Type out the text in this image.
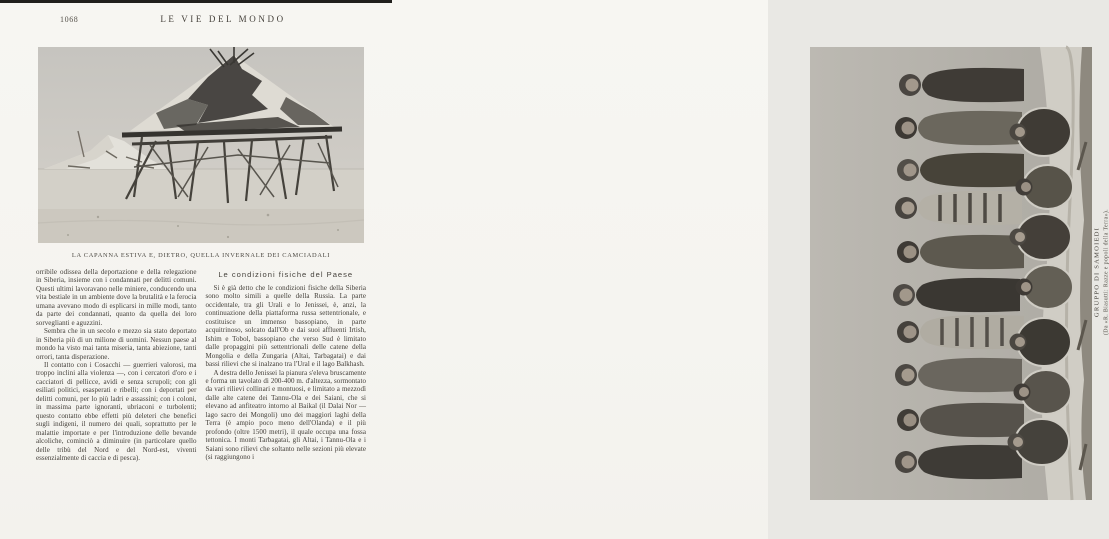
1068	LE VIE DEL MONDO
LA CAPANNA ESTIVA E, DIETRO, QUELLA INVERNALE DEI CAMCIADALI

orribile odissea della deportazione e della relegazione in Siberia, insieme con i condannati per delitti comuni. Questi ultimi lavoravano nelle miniere, conducendo una vita bestiale in un ambiente dove la brutalità e la ferocia umana avevano modo di esplicarsi in mille modi, tanto da parte dei condannati, quanto da quella dei loro sorveglianti e aguzzini.

Sembra che in un secolo e mezzo sia stato deportato in Siberia più di un milione di uomini. Nessun paese al mondo ha visto mai tanta miseria, tanta abiezione, tanti orrori, tanta disperazione.

Il contatto con i Cosacchi — guerrieri valorosi, ma troppo inclini alla violenza —, con i cercatori d'oro e i cacciatori di pellicce, avidi e senza scrupoli; con gli esiliati politici, esasperati e ribelli; con i deportati per delitti comuni, per lo più ladri e assassini; con i coloni, in massima parte ignoranti, ubriaconi e turbolenti; questo contatto ebbe effetti più deleteri che benefici sugli indigeni, il numero dei quali, soprattutto per le malattie importate e per l'introduzione delle bevande alcoliche, cominciò a diminuire (in particolare quello delle tribù del Nord e del Nord-est, viventi essenzialmente di caccia e di pesca).

Le condizioni fisiche del Paese

Si è già detto che le condizioni fisiche della Siberia sono molto simili a quelle della Russia. La parte occidentale, tra gli Urali e lo Jenissei, è, anzi, la continuazione della piattaforma russa settentrionale, e costituisce un immenso bassopiano, in parte acquitrinoso, solcato dall'Ob e dai suoi affluenti Irtish, Ishim e Tobol, bassopiano che verso Sud è limitato dalle propaggini più settentrionali delle catene della Mongolia e della Zungaria (Altai, Tarbagatai) e dai bassi rilievi che si inalzano tra l'Ural e il lago Balkhash.

A destra dello Jenissei la pianura s'eleva bruscamente e forma un tavolato di 200-400 m. d'altezza, sormontato da vari rilievi collinari e montuosi, e limitato a mezzodì dalle alte catene dei Tannu-Ola e dei Saiani, che si elevano ad anfiteatro intorno al Baikal (il Dalai Nor — lago sacro dei Mongoli) uno dei maggiori laghi della Terra (è ampio poco meno dell'Olanda) e il più profondo (oltre 1500 metri), il quale occupa una fossa tettonica. I monti Tarbagatai, gli Altai, i Tannu-Ola e i Saiani sono rilievi che soltanto nelle sezioni più elevate (si raggiungono i

GRUPPO DI SAMOIEDI (Da «R. Biasutti: Razze e popoli della Terra»).
